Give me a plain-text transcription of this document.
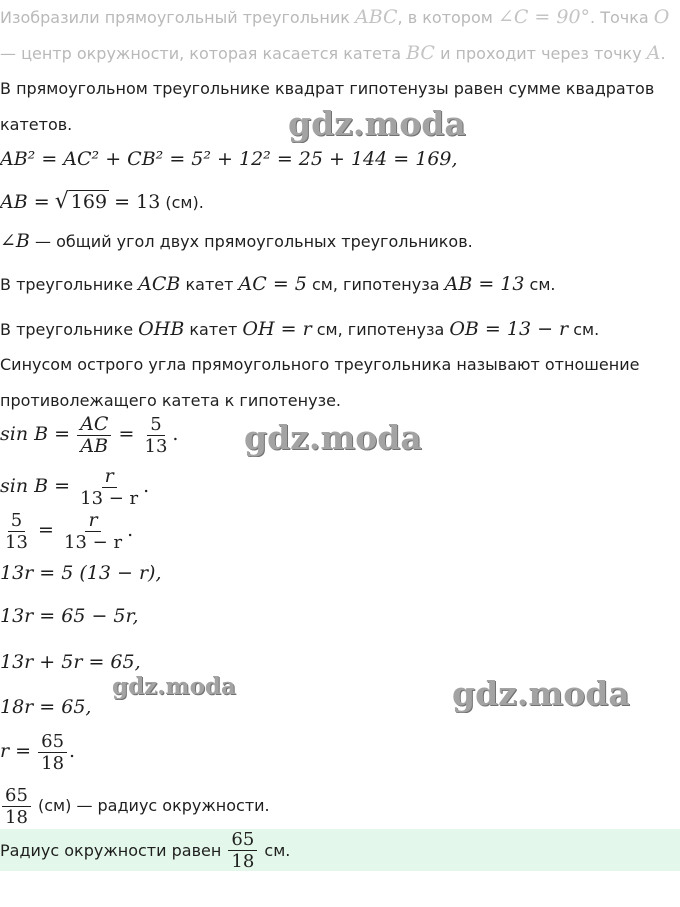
Изобразили прямоугольный треугольник ABC, в котором ∠C = 90°. Точка O
— центр окружности, которая касается катета BC и проходит через точку A.
В прямоугольном треугольнике квадрат гипотенузы равен сумме квадратов
катетов.
AB² = AC² + CB² = 5² + 12² = 25 + 144 = 169,
AB = √ 169 = 13 (см).
∠B — общий угол двух прямоугольных треугольников.
В треугольнике ACB катет AC = 5 см, гипотенуза AB = 13 см.
В треугольнике OHB катет OH = r см, гипотенуза OB = 13 − r см.
Синусом острого угла прямоугольного треугольника называют отношение
противолежащего катета к гипотенузе.
$\sin B = \frac{AC}{AB} = \frac{5}{13}$ .
$\sin B = \frac{r}{13 - r}$ .
$\frac{5}{13} = \frac{r}{13 - r}$ .
13r = 5 (13 − r),
13r = 65 − 5r,
13r + 5r = 65,
18r = 65,
$r = \frac{65}{18}$ .
$\frac{65}{18} (см)$ — радиус окружности.
Радиус окружности равен
$\frac{65}{18}$
см.
gdz.moda
gdz.moda
gdz.moda	gdz.moda
